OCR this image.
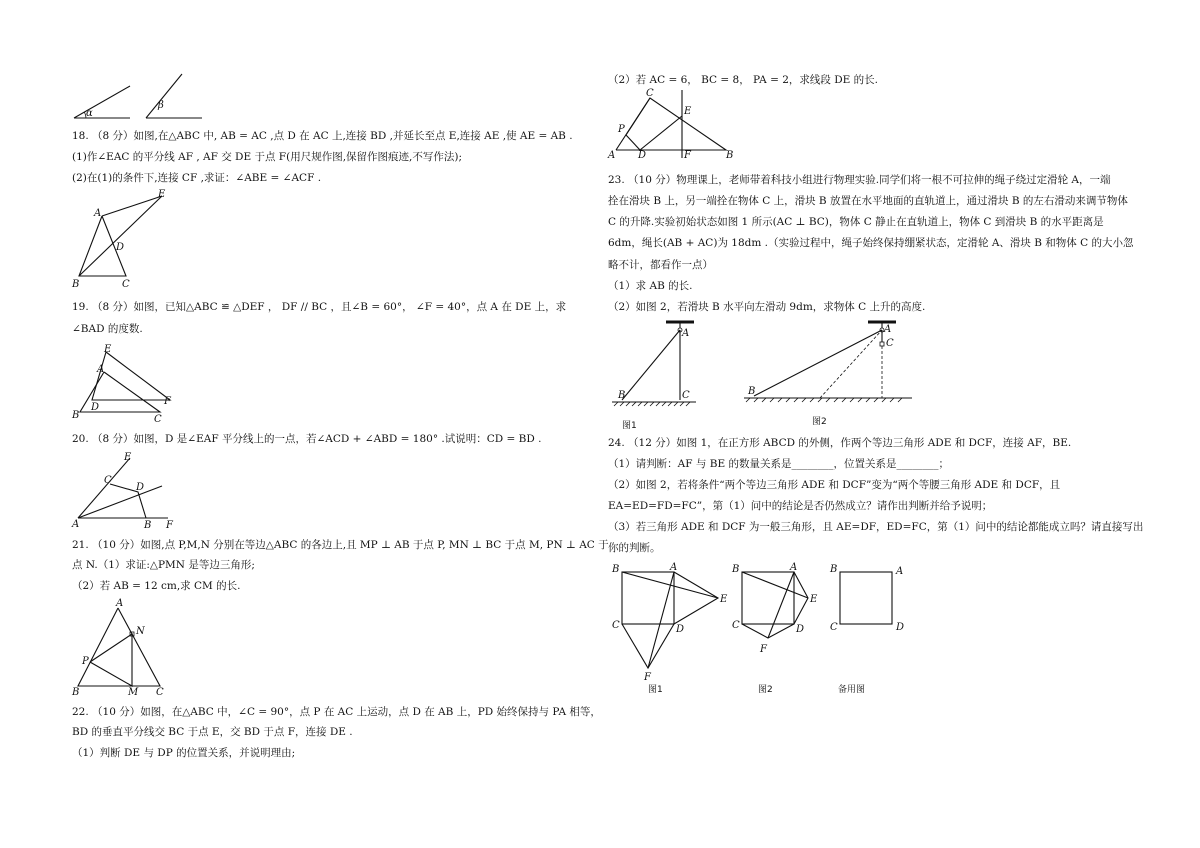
α
β
18. （8 分）如图,在△ABC 中, AB = AC ,点 D 在 AC 上,连接 BD ,并延长至点 E,连接 AE ,使 AE = AB .
(1)作∠EAC 的平分线 AF , AF 交 DE 于点 F(用尺规作图,保留作图痕迹,不写作法);
(2)在(1)的条件下,连接 CF ,求证：∠ABE = ∠ACF .
A
B	C
D
E
19. （8 分）如图，已知△ABC ≌ △DEF ， DF // BC ，且∠B = 60°， ∠F = 40°，点 A 在 DE 上，求
∠BAD 的度数.
E
A
B	C
D
F
20. （8 分）如图，D 是∠EAF 平分线上的一点，若∠ACD + ∠ABD = 180° .试说明：CD = BD .
E
C
D
A	B F
21. （10 分）如图,点 P,M,N 分别在等边△ABC 的各边上,且 MP ⊥ AB 于点 P, MN ⊥ BC 于点 M, PN ⊥ AC 于
点 N.（1）求证:△PMN 是等边三角形;
（2）若 AB = 12 cm,求 CM 的长.
A
N
P
B	M C
22. （10 分）如图，在△ABC 中，∠C = 90°，点 P 在 AC 上运动，点 D 在 AB 上，PD 始终保持与 PA 相等，
BD 的垂直平分线交 BC 于点 E，交 BD 于点 F，连接 DE .
（1）判断 DE 与 DP 的位置关系，并说明理由;
（2）若 AC = 6， BC = 8， PA = 2，求线段 DE 的长.
C
E
P
A D	F	B
23. （10 分）物理课上，老师带着科技小组进行物理实验.同学们将一根不可拉伸的绳子绕过定滑轮 A，一端
拴在滑块 B 上，另一端拴在物体 C 上，滑块 B 放置在水平地面的直轨道上，通过滑块 B 的左右滑动来调节物体
C 的升降.实验初始状态如图 1 所示(AC ⊥ BC)，物体 C 静止在直轨道上，物体 C 到滑块 B 的水平距离是
6dm，绳长(AB + AC)为 18dm .（实验过程中，绳子始终保持绷紧状态，定滑轮 A、滑块 B 和物体 C 的大小忽
略不计，都看作一点）
（1）求 AB 的长.
（2）如图 2，若滑块 B 水平向左滑动 9dm，求物体 C 上升的高度.
A
B	C
图1
A
C
B
图2
24. （12 分）如图 1，在正方形 ABCD 的外侧，作两个等边三角形 ADE 和 DCF，连接 AF，BE.
（1）请判断：AF 与 BE 的数量关系是________，位置关系是________；
（2）如图 2，若将条件“两个等边三角形 ADE 和 DCF”变为“两个等腰三角形 ADE 和 DCF，且
EA=ED=FD=FC”，第（1）问中的结论是否仍然成立？请作出判断并给予说明；
（3）若三角形 ADE 和 DCF 为一般三角形，且 AE=DF，ED=FC，第（1）问中的结论都能成立吗？请直接写出
你的判断。
B	A
E
C	D
F
图1
B	A
E
C	D
F
图2
B	A
C	D
备用图
